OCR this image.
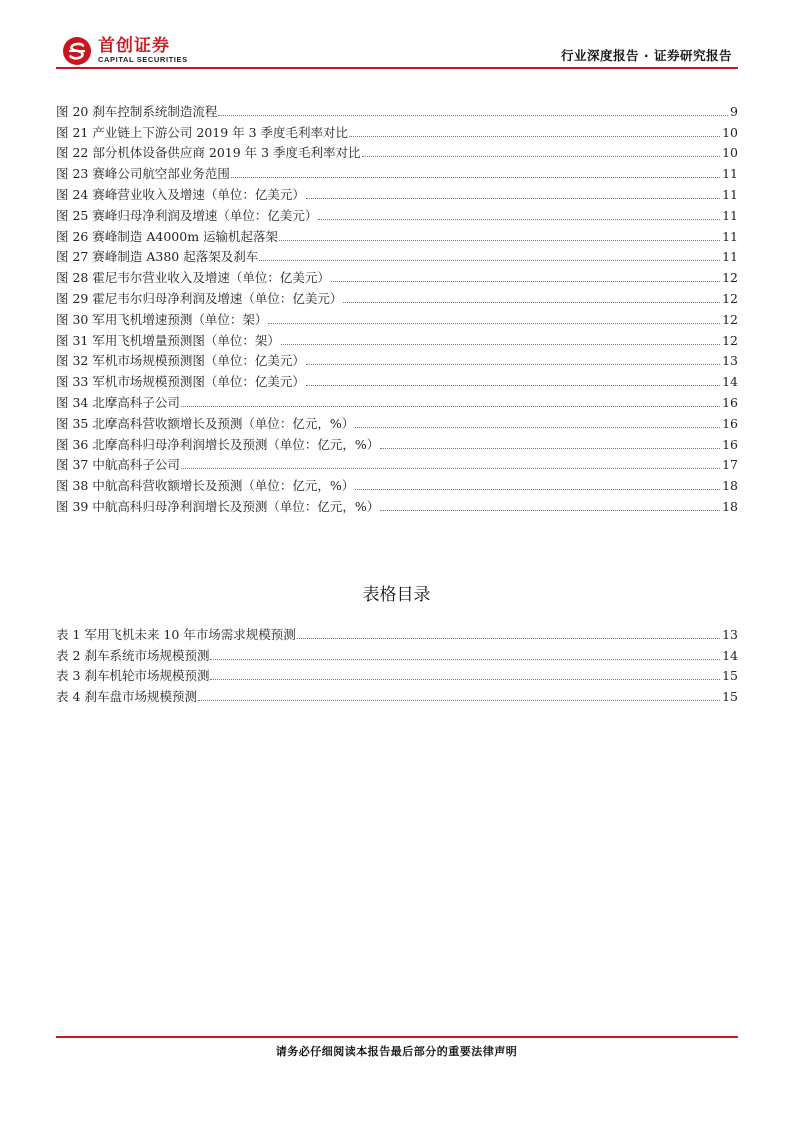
首创证券
CAPITAL SECURITIES	行业深度报告 · 证券研究报告
图 20 刹车控制系统制造流程	9
图 21 产业链上下游公司 2019 年 3 季度毛利率对比	10
图 22 部分机体设备供应商 2019 年 3 季度毛利率对比	10
图 23 赛峰公司航空部业务范围	11
图 24 赛峰营业收入及增速（单位：亿美元）	11
图 25 赛峰归母净利润及增速（单位：亿美元）	11
图 26 赛峰制造 A4000m 运输机起落架	11
图 27 赛峰制造 A380 起落架及刹车	11
图 28 霍尼韦尔营业收入及增速（单位：亿美元）	12
图 29 霍尼韦尔归母净利润及增速（单位：亿美元）	12
图 30 军用飞机增速预测（单位：架）	12
图 31 军用飞机增量预测图（单位：架）	12
图 32 军机市场规模预测图（单位：亿美元）	13
图 33 军机市场规模预测图（单位：亿美元）	14
图 34 北摩高科子公司	16
图 35 北摩高科营收额增长及预测（单位：亿元，%）	16
图 36 北摩高科归母净利润增长及预测（单位：亿元，%）	16
图 37 中航高科子公司	17
图 38 中航高科营收额增长及预测（单位：亿元，%）	18
图 39 中航高科归母净利润增长及预测（单位：亿元，%）	18
表格目录
表 1 军用飞机未来 10 年市场需求规模预测	13
表 2 刹车系统市场规模预测	14
表 3 刹车机轮市场规模预测	15
表 4 刹车盘市场规模预测	15
请务必仔细阅读本报告最后部分的重要法律声明
